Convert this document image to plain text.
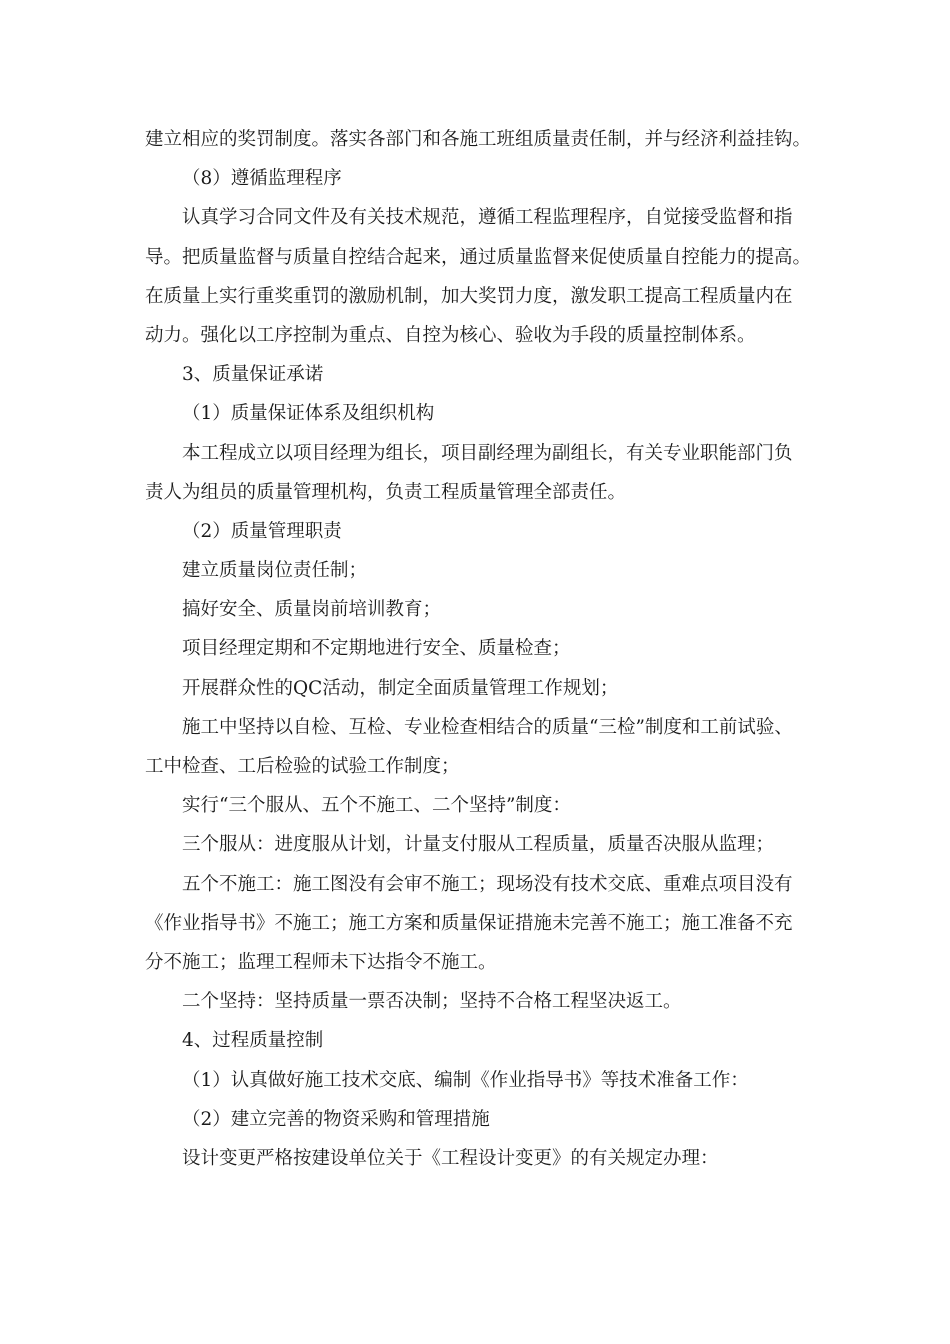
建立相应的奖罚制度。落实各部门和各施工班组质量责任制，并与经济利益挂钩。
（8）遵循监理程序
认真学习合同文件及有关技术规范，遵循工程监理程序，自觉接受监督和指
导。把质量监督与质量自控结合起来，通过质量监督来促使质量自控能力的提高。
在质量上实行重奖重罚的激励机制，加大奖罚力度，激发职工提高工程质量内在
动力。强化以工序控制为重点、自控为核心、验收为手段的质量控制体系。
3、质量保证承诺
（1）质量保证体系及组织机构
本工程成立以项目经理为组长，项目副经理为副组长，有关专业职能部门负
责人为组员的质量管理机构，负责工程质量管理全部责任。
（2）质量管理职责
建立质量岗位责任制；
搞好安全、质量岗前培训教育；
项目经理定期和不定期地进行安全、质量检查；
开展群众性的QC活动，制定全面质量管理工作规划；
施工中坚持以自检、互检、专业检查相结合的质量“三检”制度和工前试验、
工中检查、工后检验的试验工作制度；
实行“三个服从、五个不施工、二个坚持”制度：
三个服从：进度服从计划，计量支付服从工程质量，质量否决服从监理；
五个不施工：施工图没有会审不施工；现场没有技术交底、重难点项目没有
《作业指导书》不施工；施工方案和质量保证措施未完善不施工；施工准备不充
分不施工；监理工程师未下达指令不施工。
二个坚持：坚持质量一票否决制；坚持不合格工程坚决返工。
4、过程质量控制
（1）认真做好施工技术交底、编制《作业指导书》等技术准备工作：
（2）建立完善的物资采购和管理措施
设计变更严格按建设单位关于《工程设计变更》的有关规定办理：
